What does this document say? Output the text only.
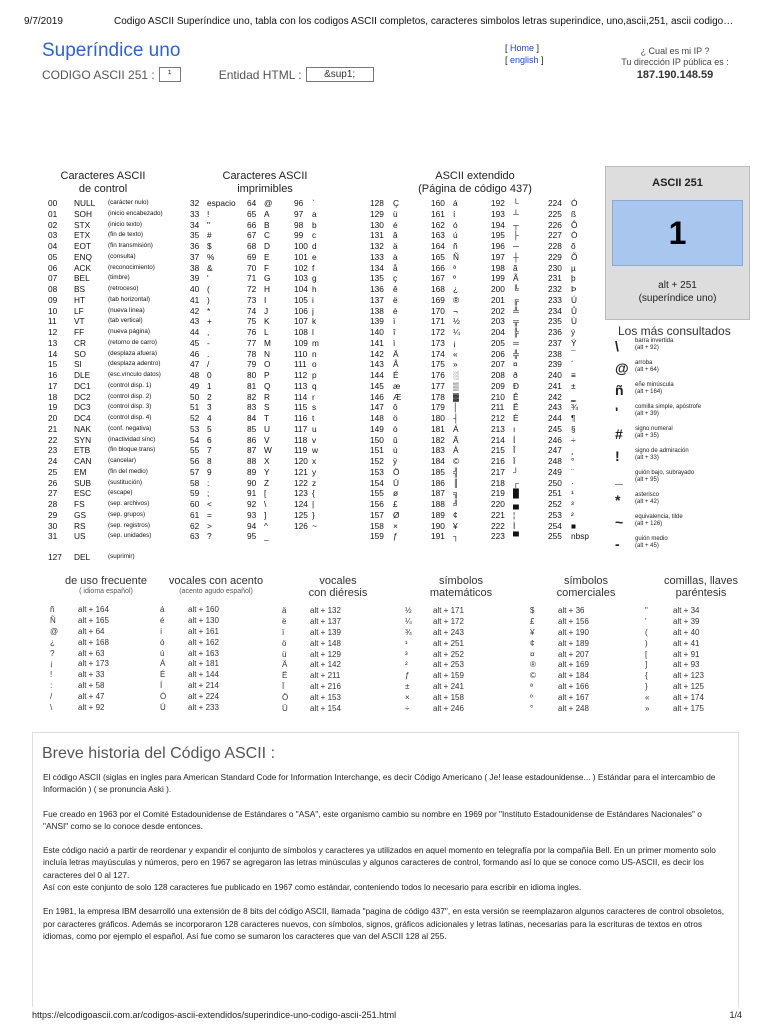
9/7/2019	Codigo ASCII Superíndice uno, tabla con los codigos ASCII completos, caracteres simbolos letras superindice, uno,ascii,251, ascii codigo…
Superíndice uno
CODIGO ASCII 251 :	¹	Entidad HTML :	&sup1;
[ Home ]
[ english ]
¿ Cual es mi IP ?
Tu dirección IP pública es :
187.190.148.59
Caracteres ASCII
de control
Caracteres ASCII
imprimibles
ASCII extendido
(Página de código 437)
00	NULL	(carácter nulo)
01	SOH	(inicio encabezado)
02	STX	(inicio texto)
03	ETX	(fin de texto)
04	EOT	(fin transmisión)
05	ENQ	(consulta)
06	ACK	(reconocimiento)
07	BEL	(timbre)
08	BS	(retroceso)
09	HT	(tab horizontal)
10	LF	(nueva línea)
11	VT	(tab vertical)
12	FF	(nueva página)
13	CR	(retorno de carro)
14	SO	(desplaza afuera)
15	SI	(desplaza adentro)
16	DLE	(esc.vínculo datos)
17	DC1	(control disp. 1)
18	DC2	(control disp. 2)
19	DC3	(control disp. 3)
20	DC4	(control disp. 4)
21	NAK	(conf. negativa)
22	SYN	(inactividad sínc)
23	ETB	(fin bloque trans)
24	CAN	(cancelar)
25	EM	(fin del medio)
26	SUB	(sustitución)
27	ESC	(escape)
28	FS	(sep. archivos)
29	GS	(sep. grupos)
30	RS	(sep. registros)
31	US	(sep. unidades)
127	DEL	(suprimir)
32 espacio	64 @	96	`
33 !	65 A	97	a
34 "	66 B	98	b
35 #	67 C	99	c
36 $	68 D	100 d
37 %	69 E	101 e
38 &	70 F	102 f
39 '	71 G	103 g
40 (	72 H	104 h
41 )	73 I	105 i
42 *	74 J	106 j
43 +	75 K	107 k
44 ,	76 L	108 l
45 -	77 M	109 m
46 .	78 N	110 n
47 /	79 O	111 o
48 0	80 P	112 p
49 1	81 Q	113 q
50 2	82 R	114 r
51 3	83 S	115 s
52 4	84 T	116 t
53 5	85 U	117 u
54 6	86 V	118 v
55 7	87 W	119 w
56 8	88 X	120 x
57 9	89 Y	121 y
58 :	90 Z	122 z
59 ;	91 [	123 {
60 <	92 \	124 |
61 =	93 ]	125 }
62 >	94 ^	126 ~
63 ?	95 _
128	Ç	160 á	192 └	224	Ó
129	ü	161 í	193 ┴	225	ß
130	é	162 ó	194 ┬	226	Ô
131	â	163 ú	195 ├	227	Ò
132	ä	164 ñ	196 ─	228	õ
133	à	165 Ñ	197 ┼	229	Õ
134	å	166 ª	198 ã	230	µ
135	ç	167 º	199 Ã	231	þ
136	ê	168 ¿	200 ╚	232	Þ
137	ë	169 ®	201 ╔	233	Ú
138	è	170 ¬	202 ╩	234	Û
139	ï	171 ½	203 ╦	235	Ù
140	î	172 ¼	204 ╠	236	ý
141	ì	173 ¡	205 ═	237	Ý
142	Ä	174 «	206 ╬	238	¯
143	Å	175 »	207 ¤	239	´
144	É	176 ░	208 ð	240	≡
145	æ	177 ▒	209 Ð	241	±
146	Æ	178 ▓	210 Ê	242	‗
147	ô	179 │	211	Ë	243	¾
148	ö	180 ┤	212 È	244	¶
149	ò	181 Á	213 ı	245	§
150	û	182 Â	214 Í	246	÷
151	ù	183 À	215 Î	247	¸
152	ÿ	184 ©	216 Ï	248	°
153	Ö	185 ╣	217 ┘	249	¨
154	Ü	186 ║	218 ┌	250	·
155	ø	187 ╗	219 █	251	¹
156	£	188 ╝	220 ▄	252	³
157	Ø	189 ¢	221 ¦	253	²
158	×	190 ¥	222 Ì	254	■
159	ƒ	191 ┐	223 ▀	255	nbsp
ASCII 251
1
alt + 251
(superíndice uno)
Los más consultados
\	barra invertida
(alt + 92)
@	arroba
(alt + 64)
ñ	eñe minúscula
(alt + 164)
'	comilla simple, apóstrofe
(alt + 39)
#	signo numeral
(alt + 35)
!	signo de admiración
(alt + 33)
_	guión bajo, subrayado
(alt + 95)
*	asterisco
(alt + 42)
~	equivalencia, tilde
(alt + 126)
-	guión medio
(alt + 45)
de uso frecuente
( idioma español)
ñ	alt + 164
Ñ	alt + 165
@	alt + 64
¿	alt + 168
?	alt + 63
¡	alt + 173
!	alt + 33
:	alt + 58
/	alt + 47
\	alt + 92
vocales con acento
(acento agudo español)
á	alt + 160
é	alt + 130
í	alt + 161
ó	alt + 162
ú	alt + 163
Á	alt + 181
É	alt + 144
Í	alt + 214
Ó	alt + 224
Ú	alt + 233
vocales
con diéresis
ä	alt + 132
ë	alt + 137
ï	alt + 139
ö	alt + 148
ü	alt + 129
Ä	alt + 142
Ë	alt + 211
Ï	alt + 216
Ö	alt + 153
Ü	alt + 154
símbolos
matemáticos
½	alt + 171
¼	alt + 172
¾	alt + 243
¹	alt + 251
³	alt + 252
²	alt + 253
ƒ	alt + 159
±	alt + 241
×	alt + 158
÷	alt + 246
símbolos
comerciales
$	alt + 36
£	alt + 156
¥	alt + 190
¢	alt + 189
¤	alt + 207
®	alt + 169
©	alt + 184
ª	alt + 166
º	alt + 167
°	alt + 248
comillas, llaves
paréntesis
"	alt + 34
'	alt + 39
(	alt + 40
)	alt + 41
[	alt + 91
]	alt + 93
{	alt + 123
}	alt + 125
«	alt + 174
»	alt + 175
Breve historia del Código ASCII :

El código ASCII (siglas en ingles para American Standard Code for Information Interchange, es decir Código Americano ( Je! lease estadounidense... ) Estándar para el intercambio de Información ) ( se pronuncia Aski ).

Fue creado en 1963 por el Comité Estadounidense de Estándares o "ASA", este organismo cambio su nombre en 1969 por "Instituto Estadounidense de Estándares Nacionales" o "ANSI" como se lo conoce desde entonces.

Este código nació a partir de reordenar y expandir el conjunto de símbolos y caracteres ya utilizados en aquel momento en telegrafía por la compañía Bell. En un primer momento solo incluía letras mayúsculas y números, pero en 1967 se agregaron las letras minúsculas y algunos caracteres de control, formando así lo que se conoce como US-ASCII, es decir los caracteres del 0 al 127.

Así con este conjunto de solo 128 caracteres fue publicado en 1967 como estándar, conteniendo todos lo necesario para escribir en idioma ingles.

En 1981, la empresa IBM desarrolló una extensión de 8 bits del código ASCII, llamada "pagina de código 437", en esta versión se reemplazaron algunos caracteres de control obsoletos, por caracteres gráficos. Además se incorporaron 128 caracteres nuevos, con símbolos, signos, gráficos adicionales y letras latinas, necesarias para la escrituras de textos en otros idiomas, como por ejemplo el español. Así fue como se sumaron los caracteres que van del ASCII 128 al 255.

https://elcodigoascii.com.ar/codigos-ascii-extendidos/superindice-uno-codigo-ascii-251.html	1/4
